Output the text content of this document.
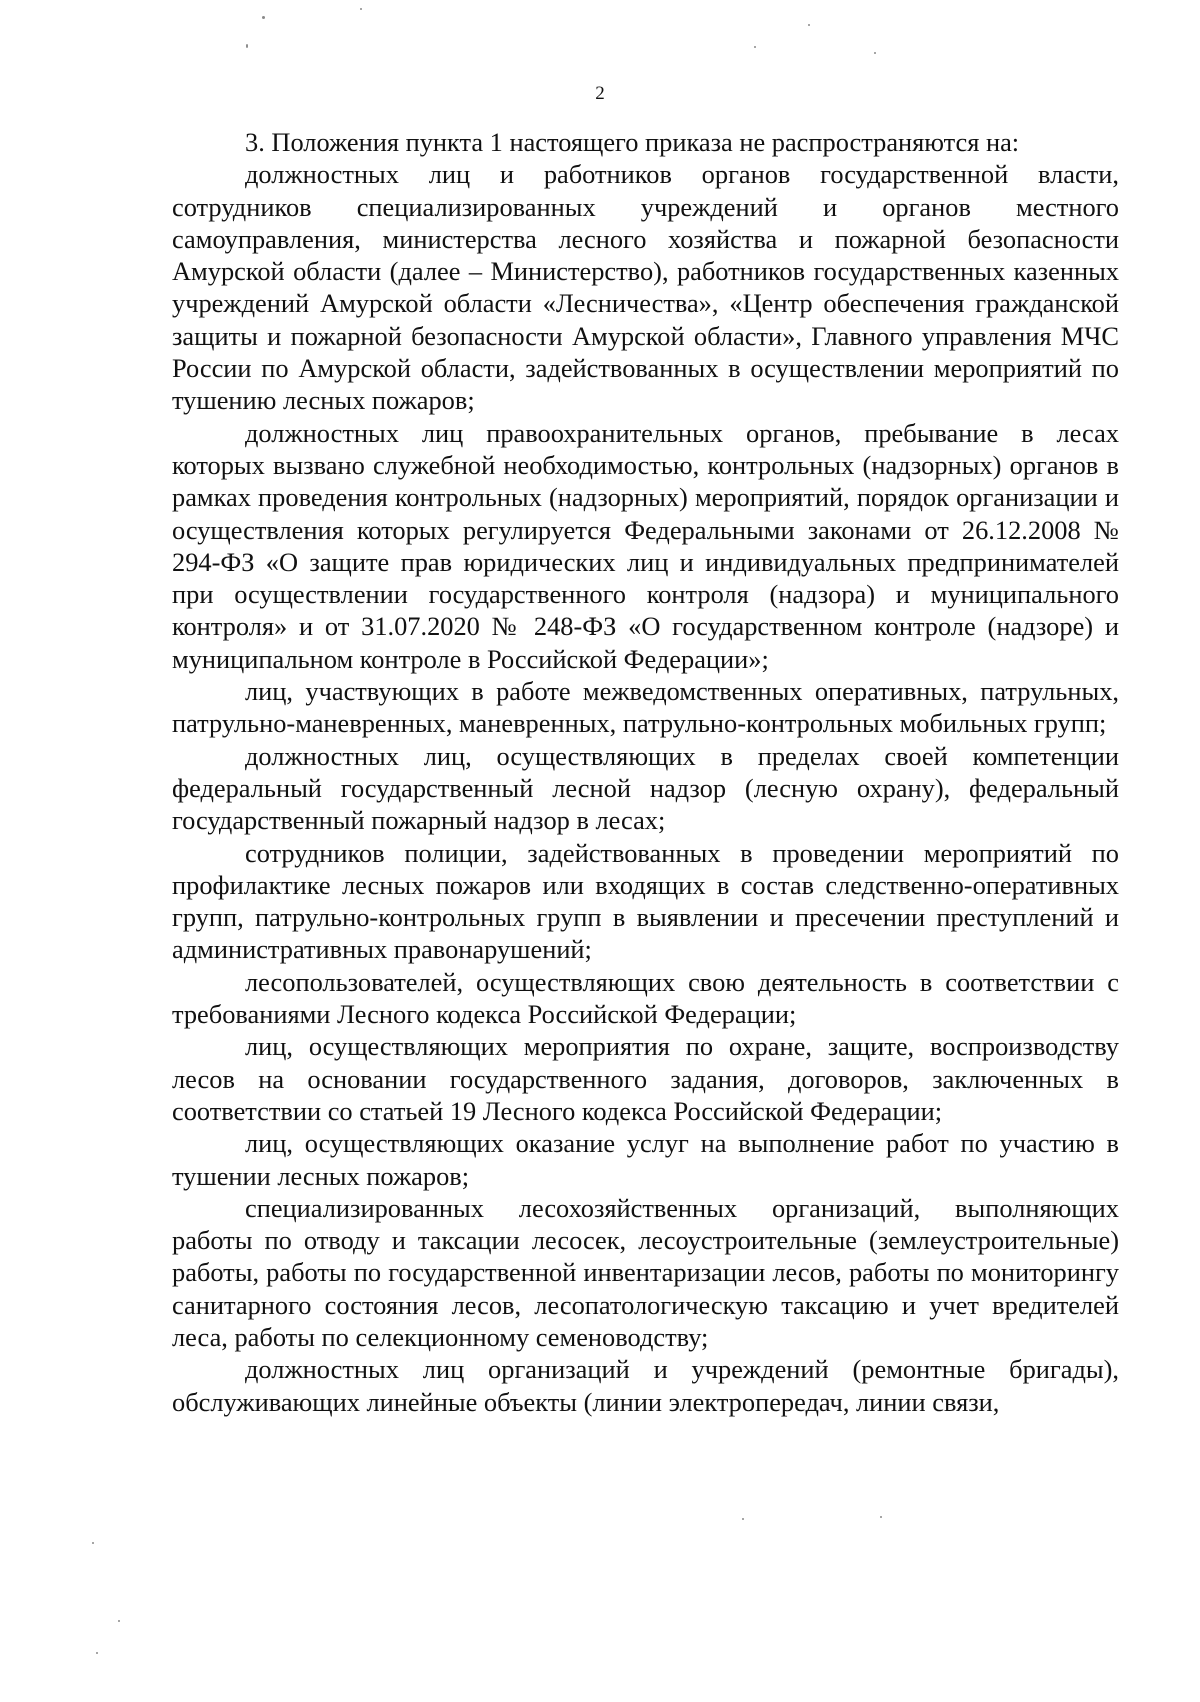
2

3. Положения пункта 1 настоящего приказа не распространяются на:

должностных лиц и работников органов государственной власти, сотрудников специализированных учреждений и органов местного самоуправления, министерства лесного хозяйства и пожарной безопасности Амурской области (далее – Министерство), работников государственных казенных учреждений Амурской области «Лесничества», «Центр обеспечения гражданской защиты и пожарной безопасности Амурской области», Главного управления МЧС России по Амурской области, задействованных в осуществлении мероприятий по тушению лесных пожаров;

должностных лиц правоохранительных органов, пребывание в лесах которых вызвано служебной необходимостью, контрольных (надзорных) органов в рамках проведения контрольных (надзорных) мероприятий, порядок организации и осуществления которых регулируется Федеральными законами от 26.12.2008 № 294-ФЗ «О защите прав юридических лиц и индивидуальных предпринимателей при осуществлении государственного контроля (надзора) и муниципального контроля» и от 31.07.2020 № 248-ФЗ «О государственном контроле (надзоре) и муниципальном контроле в Российской Федерации»;

лиц, участвующих в работе межведомственных оперативных, патрульных, патрульно-маневренных, маневренных, патрульно-контрольных мобильных групп;

должностных лиц, осуществляющих в пределах своей компетенции федеральный государственный лесной надзор (лесную охрану), федеральный государственный пожарный надзор в лесах;

сотрудников полиции, задействованных в проведении мероприятий по профилактике лесных пожаров или входящих в состав следственно-оперативных групп, патрульно-контрольных групп в выявлении и пресечении преступлений и административных правонарушений;

лесопользователей, осуществляющих свою деятельность в соответствии с требованиями Лесного кодекса Российской Федерации;

лиц, осуществляющих мероприятия по охране, защите, воспроизводству лесов на основании государственного задания, договоров, заключенных в соответствии со статьей 19 Лесного кодекса Российской Федерации;

лиц, осуществляющих оказание услуг на выполнение работ по участию в тушении лесных пожаров;

специализированных лесохозяйственных организаций, выполняющих работы по отводу и таксации лесосек, лесоустроительные (землеустроительные) работы, работы по государственной инвентаризации лесов, работы по мониторингу санитарного состояния лесов, лесопатологическую таксацию и учет вредителей леса, работы по селекционному семеноводству;

должностных лиц организаций и учреждений (ремонтные бригады), обслуживающих линейные объекты (линии электропередач, линии связи,
